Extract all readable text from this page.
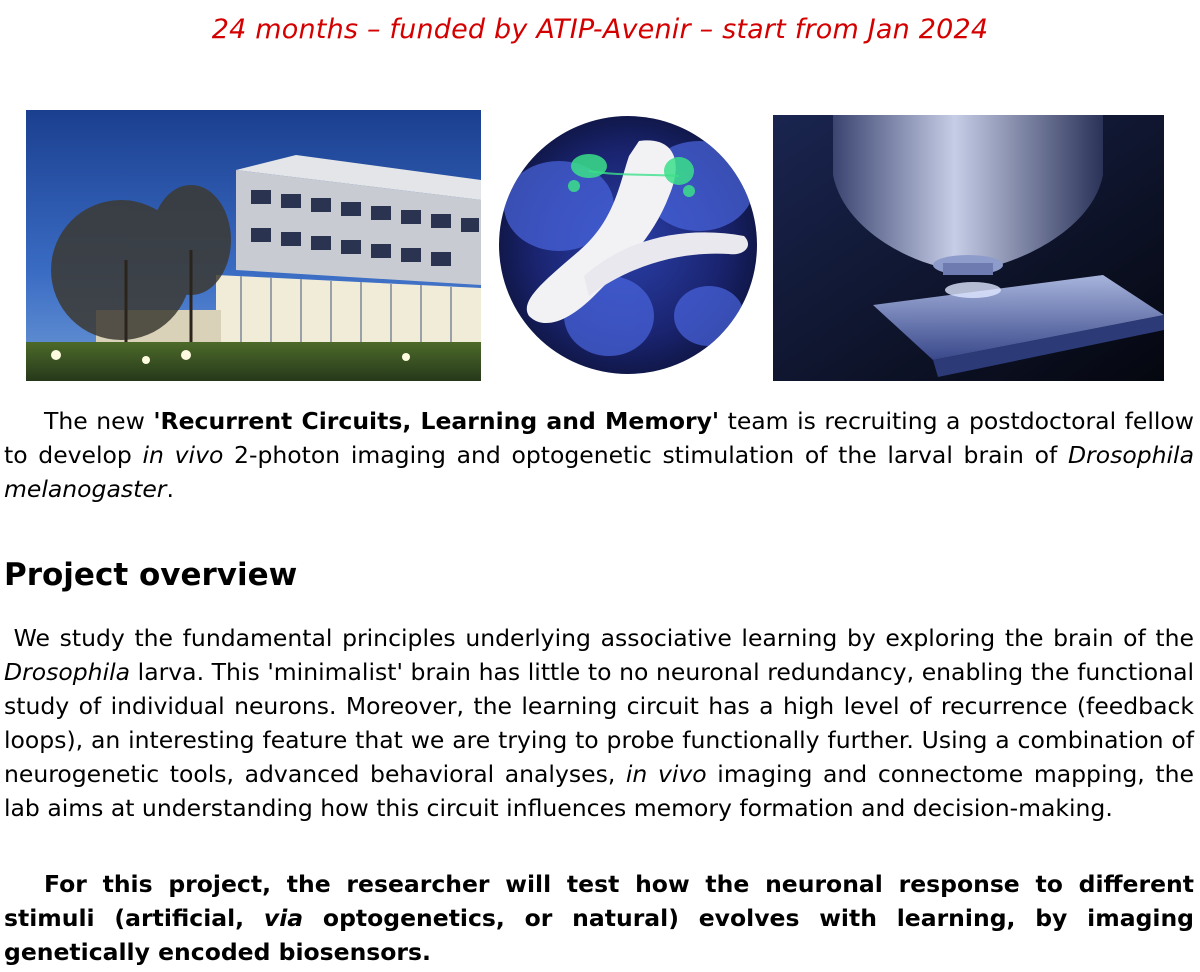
24 months – funded by ATIP-Avenir – start from Jan 2024

The new 'Recurrent Circuits, Learning and Memory' team is recruiting a postdoctoral fellow to develop in vivo 2-photon imaging and optogenetic stimulation of the larval brain of Drosophila melanogaster.

Project overview

We study the fundamental principles underlying associative learning by exploring the brain of the Drosophila larva. This 'minimalist' brain has little to no neuronal redundancy, enabling the functional study of individual neurons. Moreover, the learning circuit has a high level of recurrence (feedback loops), an interesting feature that we are trying to probe functionally further. Using a combination of neurogenetic tools, advanced behavioral analyses, in vivo imaging and connectome mapping, the lab aims at understanding how this circuit influences memory formation and decision-making.

For this project, the researcher will test how the neuronal response to different stimuli (artificial, via optogenetics, or natural) evolves with learning, by imaging genetically encoded biosensors.
